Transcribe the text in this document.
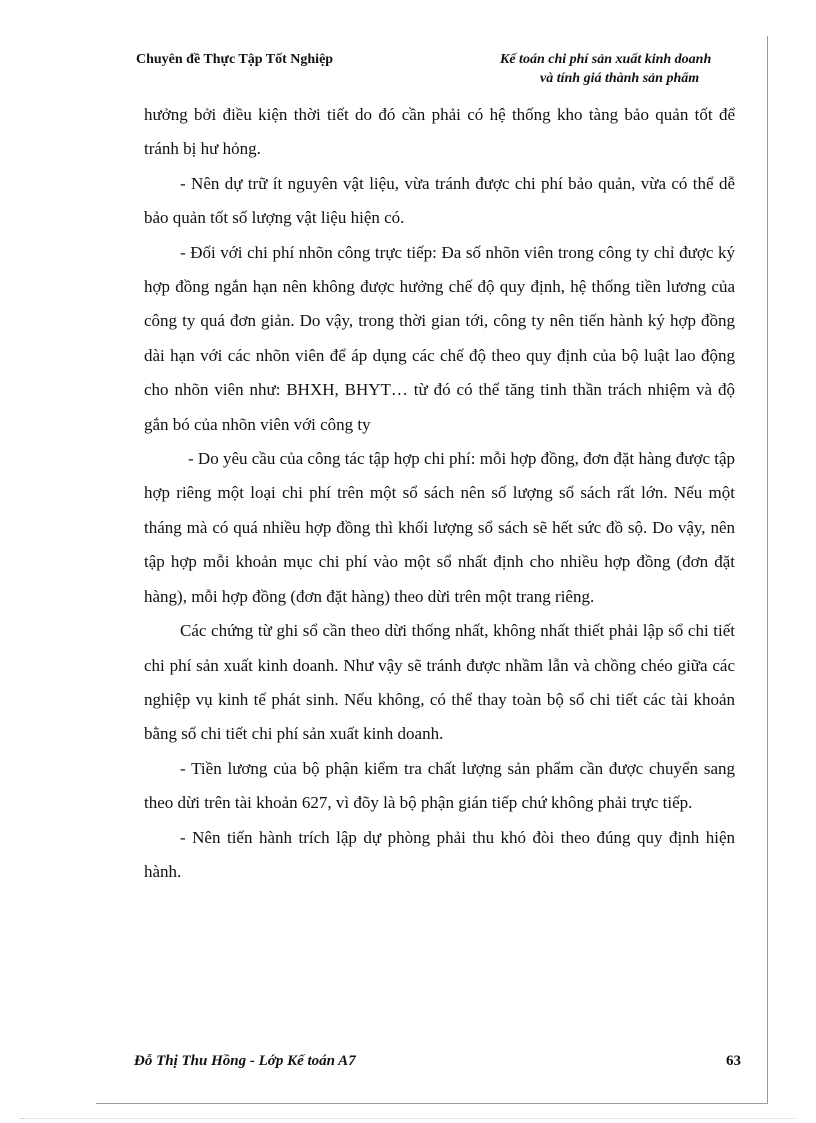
Chuyên đề Thực Tập Tốt Nghiệp	Kế toán chi phí sản xuất kinh doanh
và tính giá thành sản phẩm

hưởng bởi điều kiện thời tiết do đó cần phải có hệ thống kho tàng bảo quản tốt để tránh bị hư hỏng.

- Nên dự trữ ít nguyên vật liệu, vừa tránh được chi phí bảo quản, vừa có thể dễ bảo quản tốt số lượng vật liệu hiện có.

- Đối với chi phí nhõn công trực tiếp: Đa số nhõn viên trong công ty chỉ được ký hợp đồng ngắn hạn nên không được hưởng chế độ quy định, hệ thống tiền lương của công ty quá đơn giản. Do vậy, trong thời gian tới, công ty nên tiến hành ký hợp đồng dài hạn với các nhõn viên để áp dụng các chế độ theo quy định của bộ luật lao động cho nhõn viên như: BHXH, BHYT… từ đó có thể tăng tinh thần trách nhiệm và độ gắn bó của nhõn viên với công ty

- Do yêu cầu của công tác tập hợp chi phí: mỗi hợp đồng, đơn đặt hàng được tập hợp riêng một loại chi phí trên một sổ sách nên số lượng sổ sách rất lớn. Nếu một tháng mà có quá nhiều hợp đồng thì khối lượng sổ sách sẽ hết sức đồ sộ. Do vậy, nên tập hợp mỗi khoản mục chi phí vào một sổ nhất định cho nhiều hợp đồng (đơn đặt hàng), mỗi hợp đồng (đơn đặt hàng) theo dừi trên một trang riêng.

Các chứng từ ghi sổ cần theo dừi thống nhất, không nhất thiết phải lập sổ chi tiết chi phí sản xuất kinh doanh. Như vậy sẽ tránh được nhầm lẫn và chồng chéo giữa các nghiệp vụ kinh tế phát sinh. Nếu không, có thể thay toàn bộ sổ chi tiết các tài khoản bằng sổ chi tiết chi phí sản xuất kinh doanh.

- Tiền lương của bộ phận kiểm tra chất lượng sản phẩm cần được chuyển sang theo dừi trên tài khoản 627, vì đõy là bộ phận gián tiếp chứ không phải trực tiếp.

- Nên tiến hành trích lập dự phòng phải thu khó đòi theo đúng quy định hiện hành.

Đỗ Thị Thu Hồng - Lớp Kế toán A7	63
